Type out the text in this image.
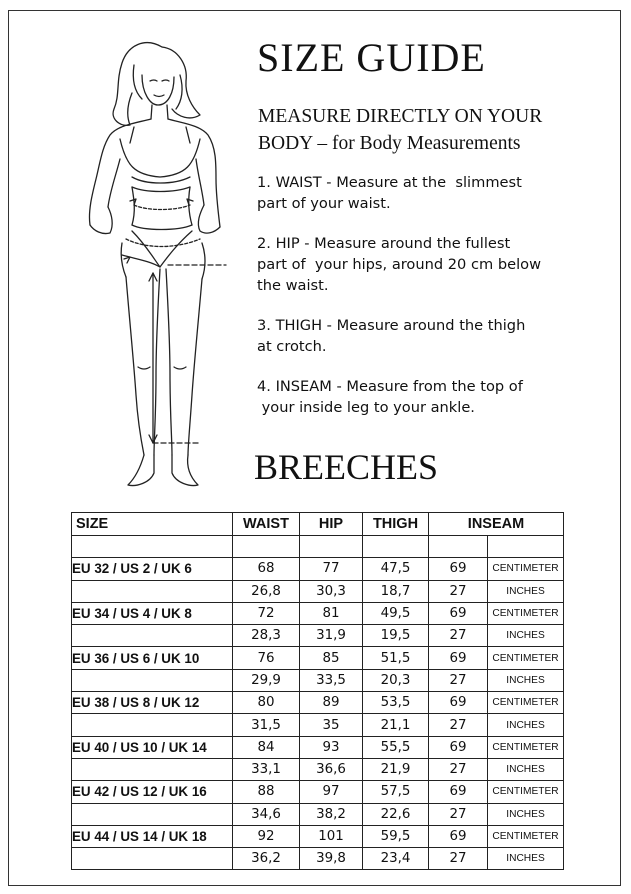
SIZE GUIDE

MEASURE DIRECTLY ON YOUR BODY – for Body Measurements

1. WAIST - Measure at the  slimmest
part of your waist.

2. HIP - Measure around the fullest
part of  your hips, around 20 cm below
the waist.

3. THIGH - Measure around the thigh
at crotch.

4. INSEAM - Measure from the top of
your inside leg to your ankle.

BREECHES
SIZE	WAIST	HIP	THIGH	INSEAM	

EU 32 / US 2 / UK 6	68	77	47,5	69	CENTIMETER
	26,8	30,3	18,7	27	INCHES
EU 34 / US 4 / UK 8	72	81	49,5	69	CENTIMETER
	28,3	31,9	19,5	27	INCHES
EU 36 / US 6 / UK 10	76	85	51,5	69	CENTIMETER
	29,9	33,5	20,3	27	INCHES
EU 38 / US 8 / UK 12	80	89	53,5	69	CENTIMETER
	31,5	35	21,1	27	INCHES
EU 40 / US 10 / UK 14	84	93	55,5	69	CENTIMETER
	33,1	36,6	21,9	27	INCHES
EU 42 / US 12 / UK 16	88	97	57,5	69	CENTIMETER
	34,6	38,2	22,6	27	INCHES
EU 44 / US 14 / UK 18	92	101	59,5	69	CENTIMETER
	36,2	39,8	23,4	27	INCHES
